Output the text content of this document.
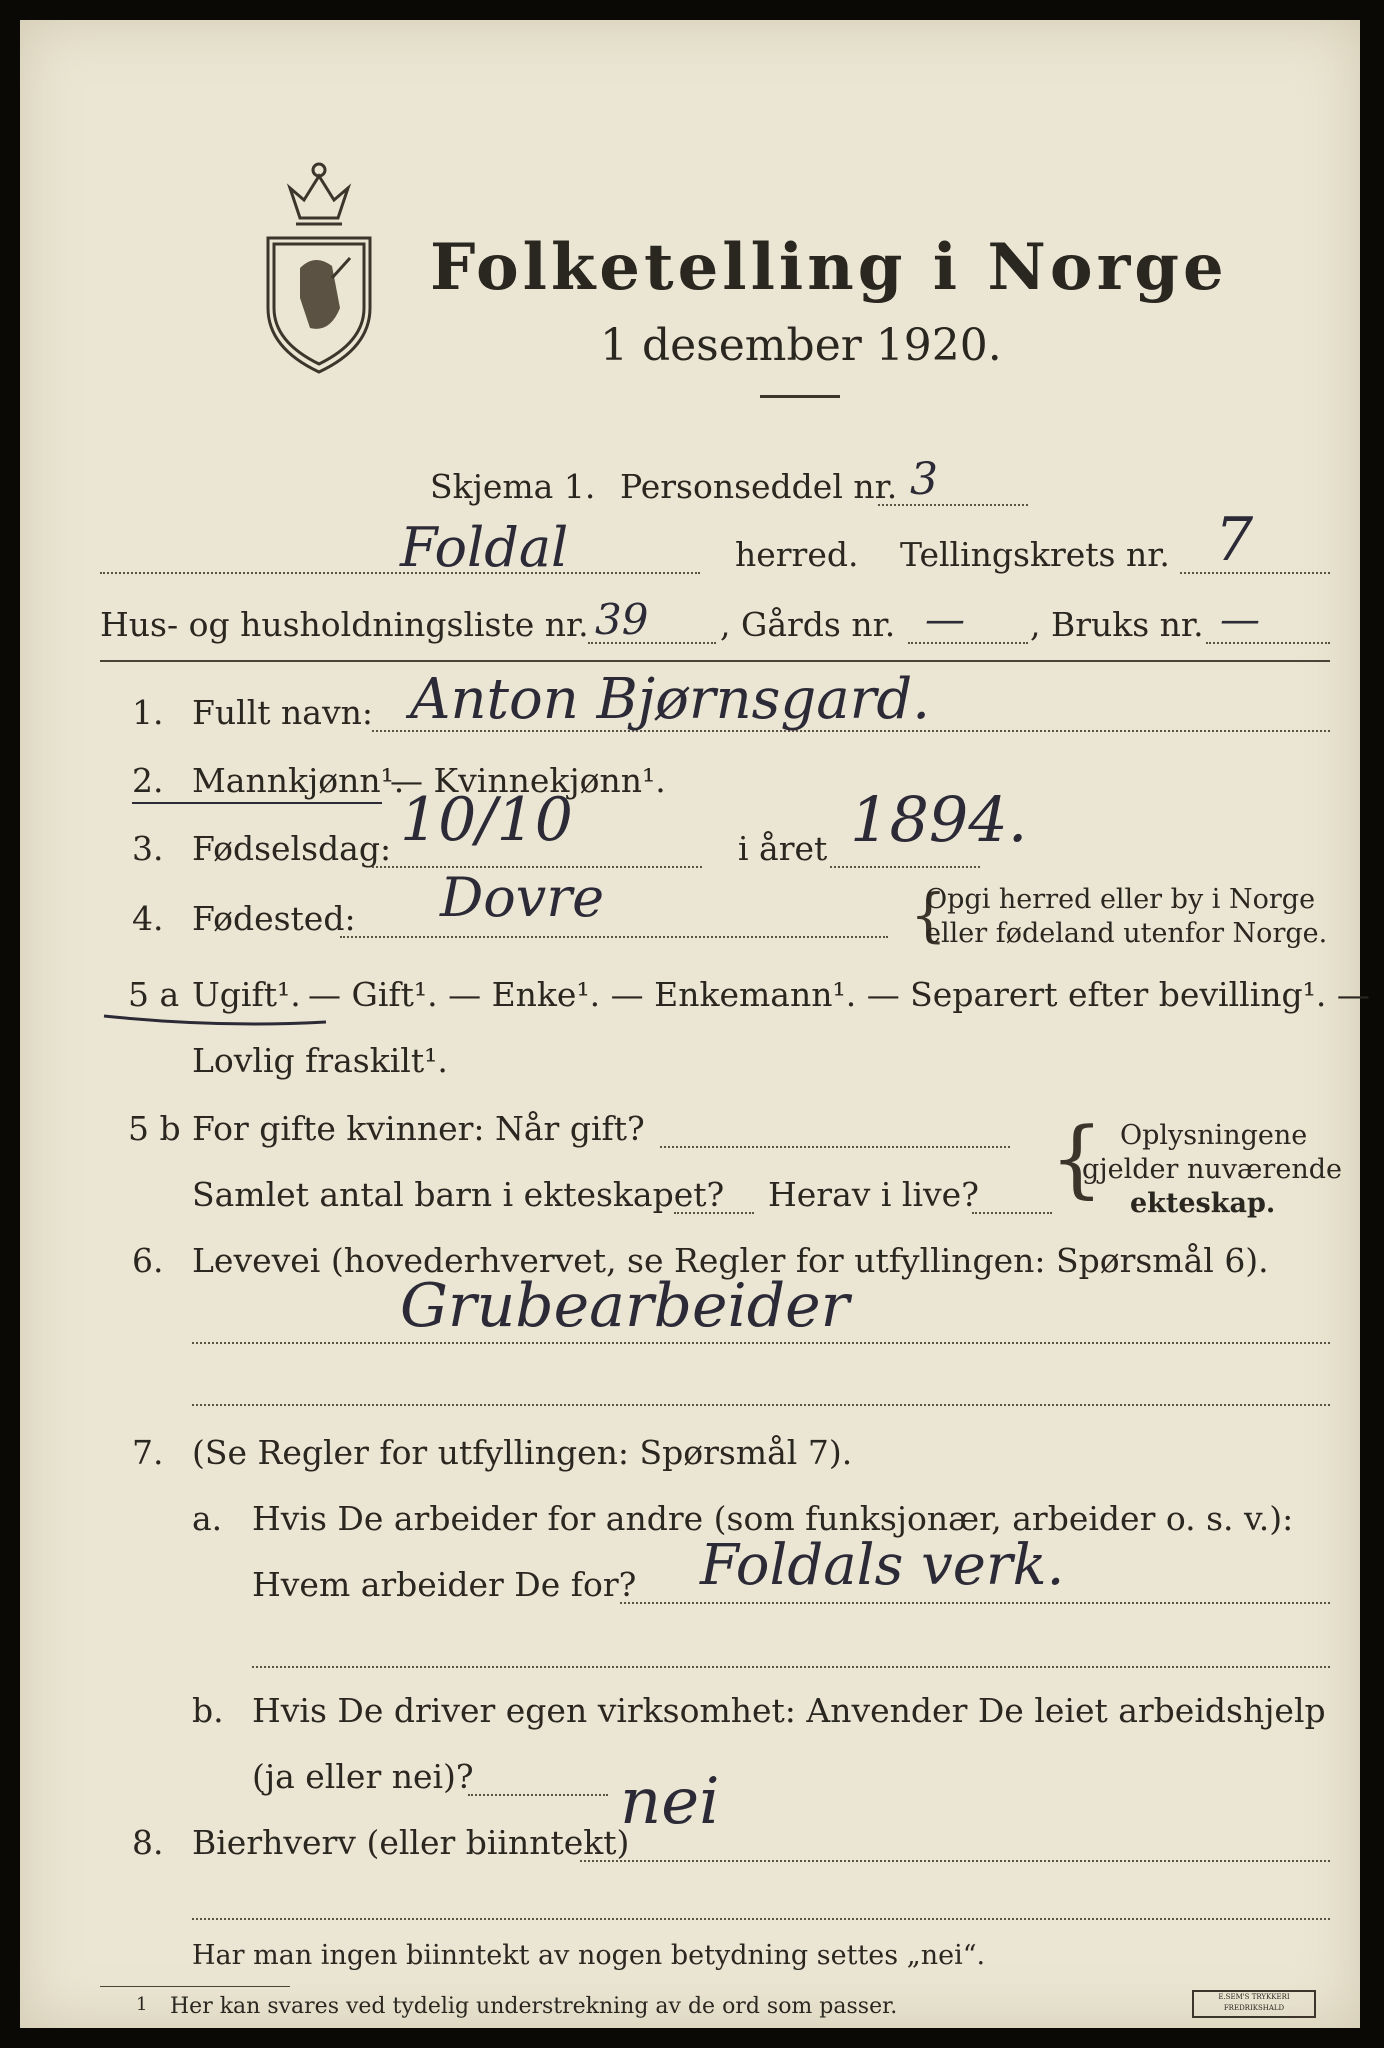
Folketelling i Norge
1 desember 1920.
Skjema 1. Personseddel nr. 3
Foldal	herred. Tellingskrets nr. 7
Hus- og husholdningsliste nr. 39 , Gårds nr. — , Bruks nr. —
1. Fullt navn: Anton Bjørnsgard.
2. Mannkjønn¹.
— Kvinnekjønn¹.
3. Fødselsdag: 10/10	i året 1894.
4. Fødested: Dovre	{
Opgi herred eller by i Norge
eller fødeland utenfor Norge.
5 a Ugift¹. — Gift¹. — Enke¹. — Enkemann¹. — Separert efter bevilling¹. —
Lovlig fraskilt¹.
5 b For gifte kvinner: Når gift?
Samlet antal barn i ekteskapet? Herav i live? { Oplysningene
gjelder nuværende
ekteskap.
6. Levevei (hovederhvervet, se Regler for utfyllingen: Spørsmål 6).
Grubearbeider
7. (Se Regler for utfyllingen: Spørsmål 7).
a. Hvis De arbeider for andre (som funksjonær, arbeider o. s. v.):
Hvem arbeider De for? Foldals verk.
b. Hvis De driver egen virksomhet: Anvender De leiet arbeidshjelp
(ja eller nei)?
8. Bierhverv (eller biinntekt)
nei
Har man ingen biinntekt av nogen betydning settes „nei“.
1 Her kan svares ved tydelig understrekning av de ord som passer.	E.SEM'S TRYKKERI
FREDRIKSHALD
